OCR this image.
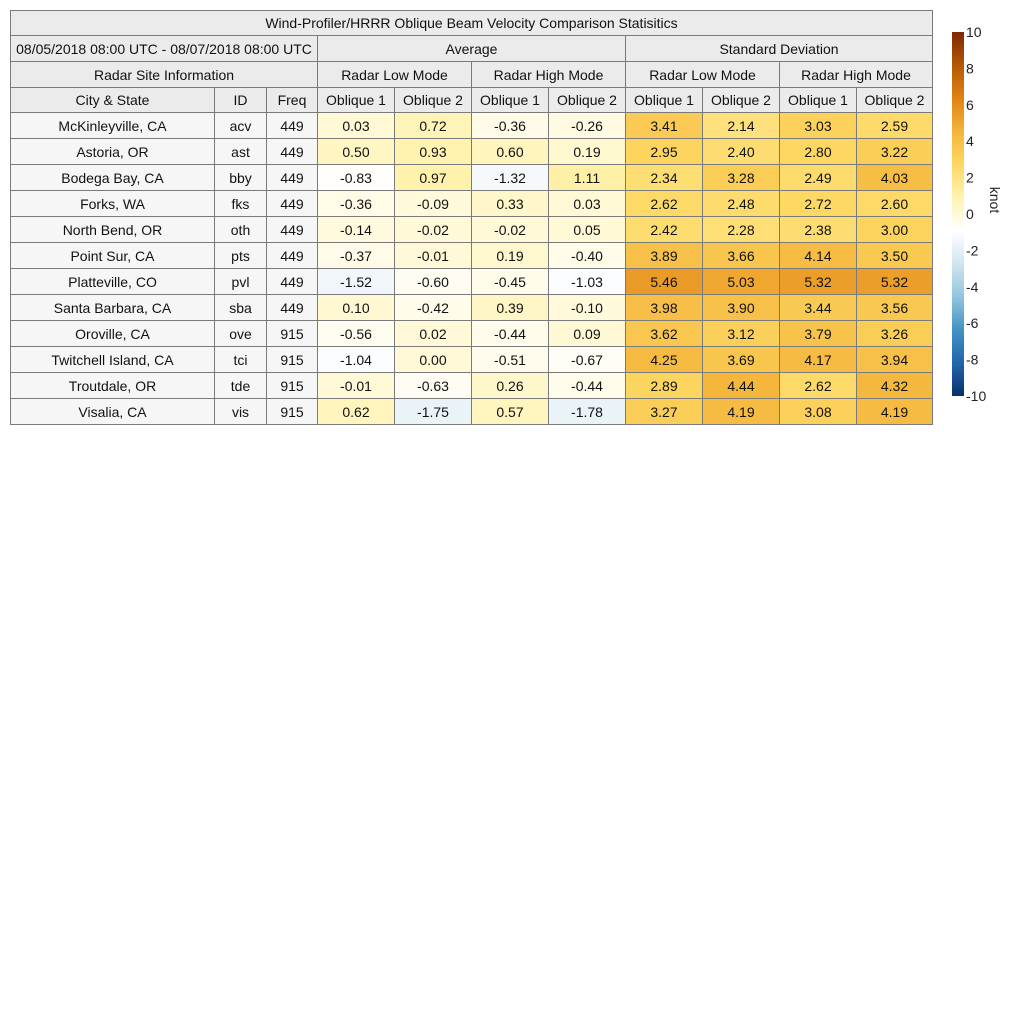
Wind-Profiler/HRRR Oblique Beam Velocity Comparison Statisitics										
08/05/2018 08:00 UTC - 08/07/2018 08:00 UTC			Average				Standard Deviation			
Radar Site Information			Radar Low Mode		Radar High Mode		Radar Low Mode		Radar High Mode	
City & State	ID	Freq	Oblique 1	Oblique 2	Oblique 1	Oblique 2	Oblique 1	Oblique 2	Oblique 1	Oblique 2
McKinleyville, CA	acv	449	0.03	0.72	-0.36	-0.26	3.41	2.14	3.03	2.59
Astoria, OR	ast	449	0.50	0.93	0.60	0.19	2.95	2.40	2.80	3.22
Bodega Bay, CA	bby	449	-0.83	0.97	-1.32	1.11	2.34	3.28	2.49	4.03
Forks, WA	fks	449	-0.36	-0.09	0.33	0.03	2.62	2.48	2.72	2.60
North Bend, OR	oth	449	-0.14	-0.02	-0.02	0.05	2.42	2.28	2.38	3.00
Point Sur, CA	pts	449	-0.37	-0.01	0.19	-0.40	3.89	3.66	4.14	3.50
Platteville, CO	pvl	449	-1.52	-0.60	-0.45	-1.03	5.46	5.03	5.32	5.32
Santa Barbara, CA	sba	449	0.10	-0.42	0.39	-0.10	3.98	3.90	3.44	3.56
Oroville, CA	ove	915	-0.56	0.02	-0.44	0.09	3.62	3.12	3.79	3.26
Twitchell Island, CA	tci	915	-1.04	0.00	-0.51	-0.67	4.25	3.69	4.17	3.94
Troutdale, OR	tde	915	-0.01	-0.63	0.26	-0.44	2.89	4.44	2.62	4.32
Visalia, CA	vis	915	0.62	-1.75	0.57	-1.78	3.27	4.19	3.08	4.19
10
8
6
4
2
0
-2
-4
-6
-8
-10
knot
